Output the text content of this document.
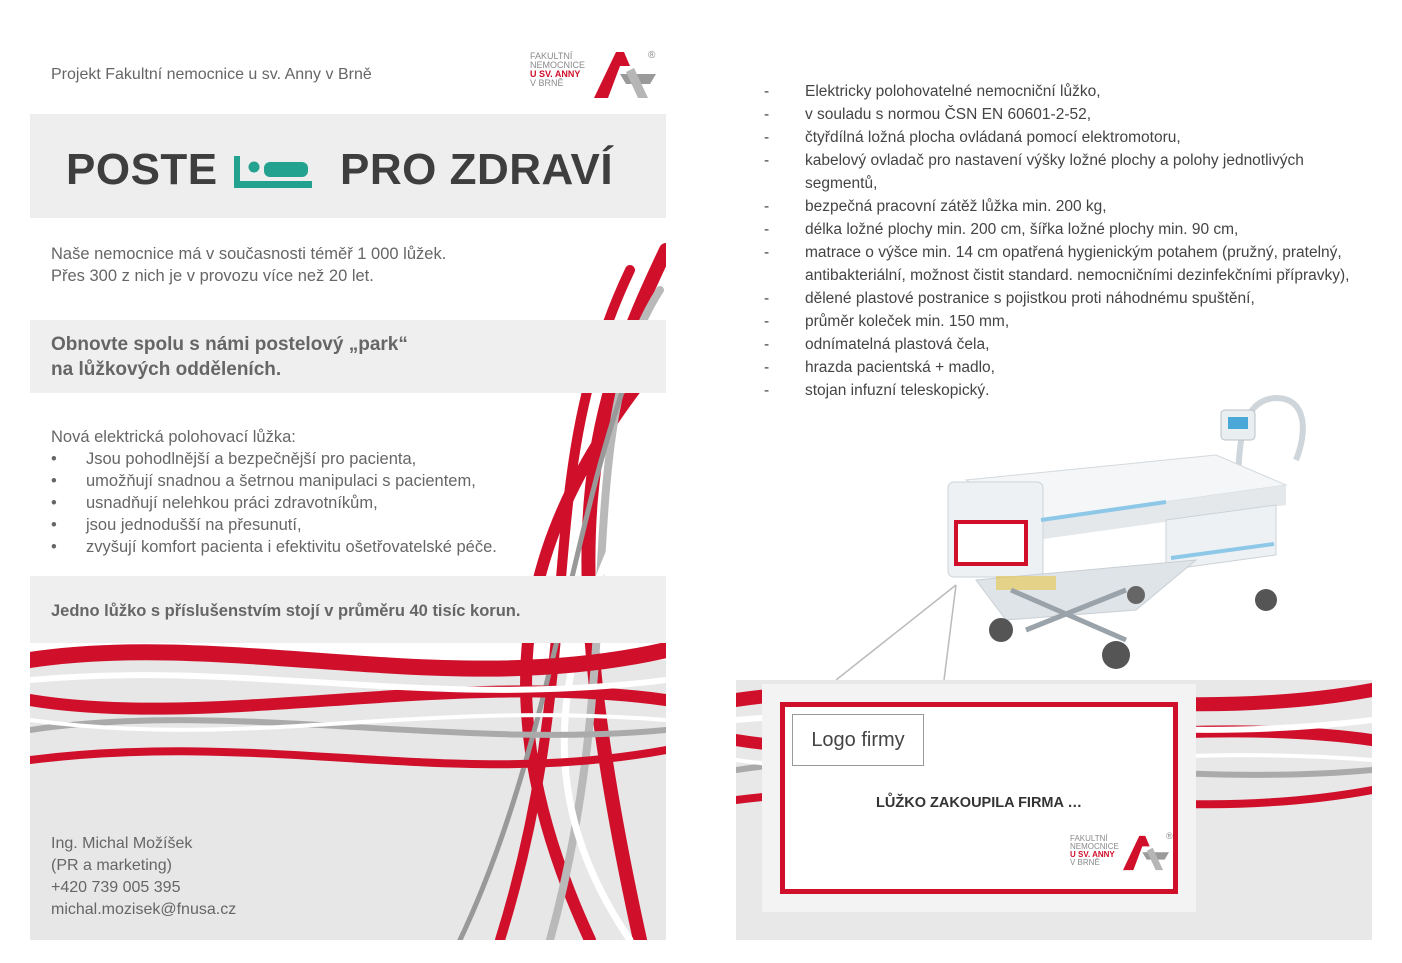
Projekt Fakultní nemocnice u sv. Anny v Brně
FAKULTNÍ
NEMOCNICE
U SV. ANNY
V BRNĚ
®
POSTE	PRO ZDRAVÍ
Naše nemocnice má v současnosti téměř 1 000 lůžek.
Přes 300 z nich je v provozu více než 20 let.
Obnovte spolu s námi postelový „park“
na lůžkových odděleních.
Nová elektrická polohovací lůžka:
• Jsou pohodlnější a bezpečnější pro pacienta,
• umožňují snadnou a šetrnou manipulaci s pacientem,
• usnadňují nelehkou práci zdravotníkům,
• jsou jednodušší na přesunutí,
• zvyšují komfort pacienta i efektivitu ošetřovatelské péče.
Jedno lůžko s příslušenstvím stojí v průměru 40 tisíc korun.
Ing. Michal Možíšek
(PR a marketing)
+420 739 005 395
michal.mozisek@fnusa.cz
- Elektricky polohovatelné nemocniční lůžko,
- v souladu s normou ČSN EN 60601-2-52,
- čtyřdílná ložná plocha ovládaná pomocí elektromotoru,
- kabelový ovladač pro nastavení výšky ložné plochy a polohy jednotlivých segmentů,
- bezpečná pracovní zátěž lůžka min. 200 kg,
- délka ložné plochy min. 200 cm, šířka ložné plochy min. 90 cm,
- matrace o výšce min. 14 cm opatřená hygienickým potahem (pružný, pratelný, antibakteriální, možnost čistit standard. nemocničními dezinfekčními přípravky),
- dělené plastové postranice s pojistkou proti náhodnému spuštění,
- průměr koleček min. 150 mm,
- odnímatelná plastová čela,
- hrazda pacientská + madlo,
- stojan infuzní teleskopický.
Logo firmy
LŮŽKO ZAKOUPILA FIRMA …
FAKULTNÍ
NEMOCNICE
U SV. ANNY
V BRNĚ
®
